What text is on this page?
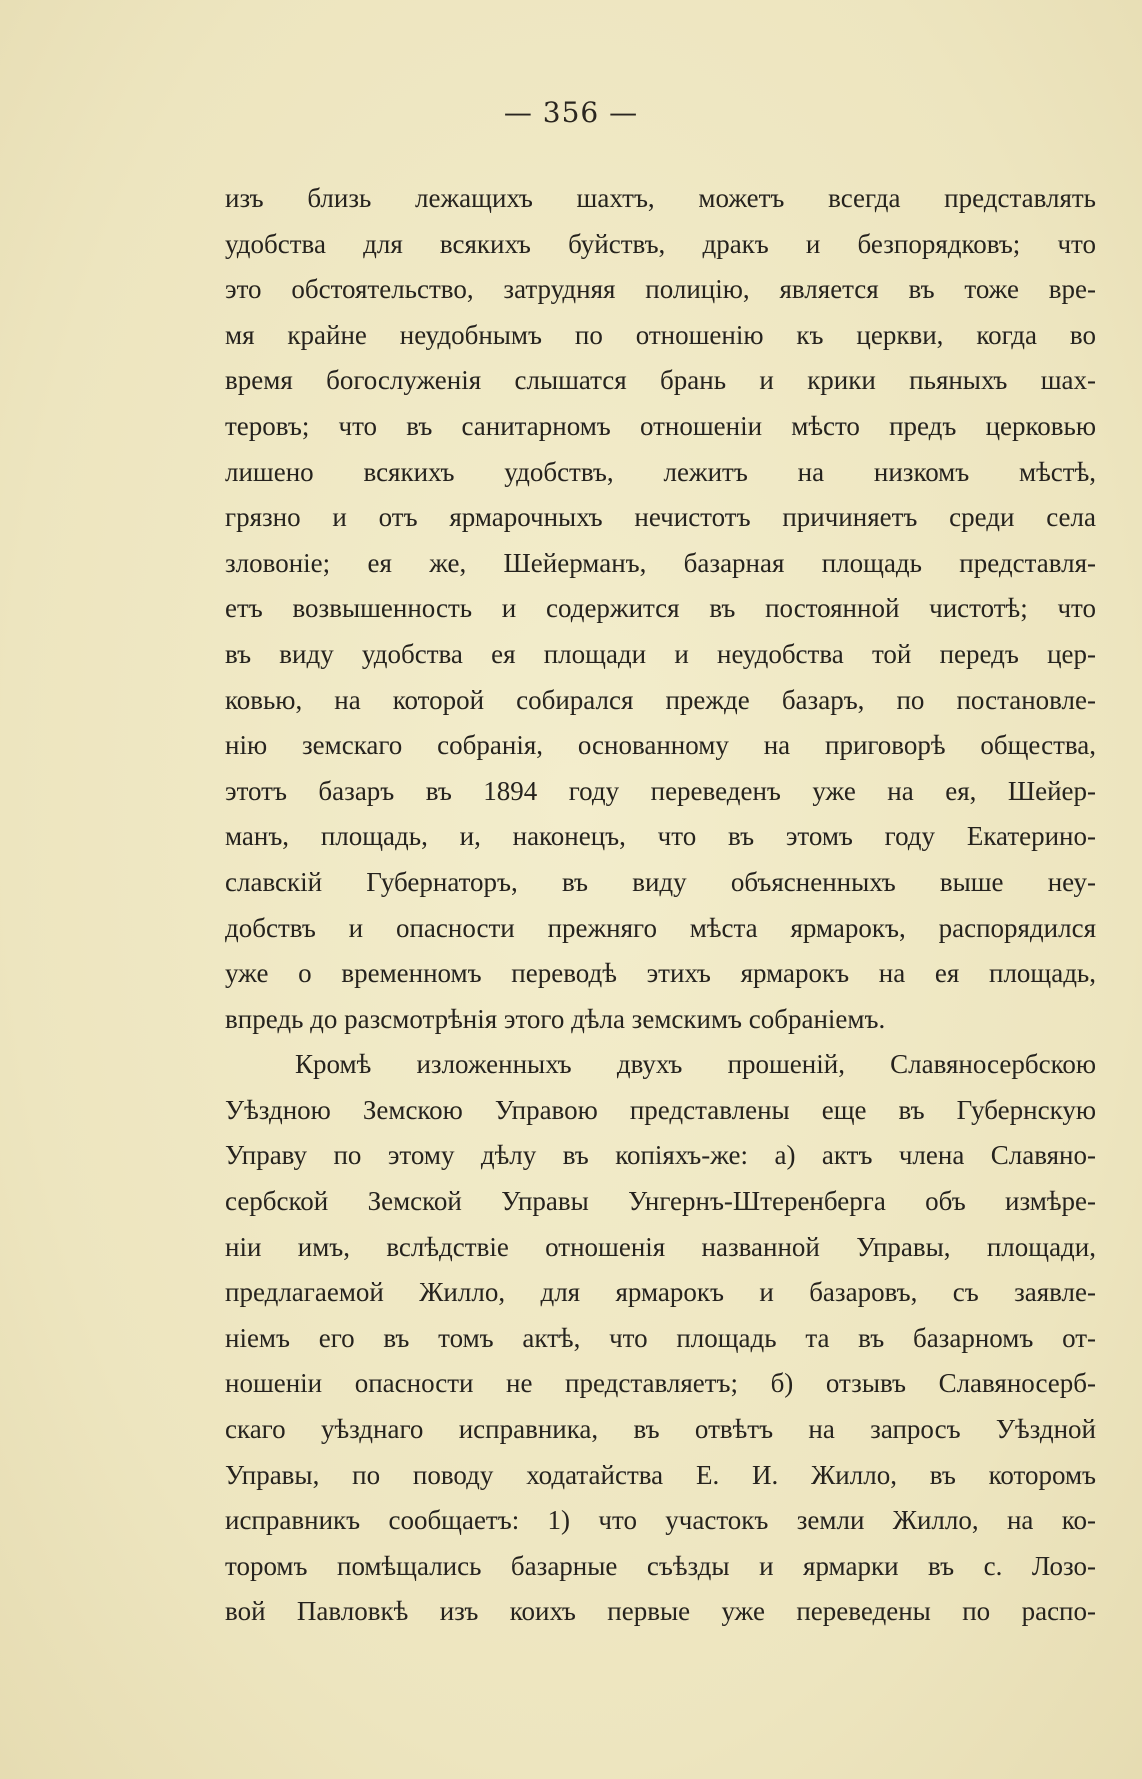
— 356 —
изъ близь лежащихъ шахтъ, можетъ всегда представлять
удобства для всякихъ буйствъ, дракъ и безпорядковъ; что
это обстоятельство, затрудняя полицію, является въ тоже вре-
мя крайне неудобнымъ по отношенію къ церкви, когда во
время богослуженія слышатся брань и крики пьяныхъ шах-
теровъ; что въ санитарномъ отношеніи мѣсто предъ церковью
лишено всякихъ удобствъ, лежитъ на низкомъ мѣстѣ,
грязно и отъ ярмарочныхъ нечистотъ причиняетъ среди села
зловоніе; ея же, Шейерманъ, базарная площадь представля-
етъ возвышенность и содержится въ постоянной чистотѣ; что
въ виду удобства ея площади и неудобства той передъ цер-
ковью, на которой собирался прежде базаръ, по постановле-
нію земскаго собранія, основанному на приговорѣ общества,
этотъ базаръ въ 1894 году переведенъ уже на ея, Шейер-
манъ, площадь, и, наконецъ, что въ этомъ году Екатерино-
славскій Губернаторъ, въ виду объясненныхъ выше неу-
добствъ и опасности прежняго мѣста ярмарокъ, распорядился
уже о временномъ переводѣ этихъ ярмарокъ на ея площадь,
впредь до разсмотрѣнія этого дѣла земскимъ собраніемъ.
Кромѣ изложенныхъ двухъ прошеній, Славяносербскою
Уѣздною Земскою Управою представлены еще въ Губернскую
Управу по этому дѣлу въ копіяхъ-же: а) актъ члена Славяно-
сербской Земской Управы Унгернъ-Штеренберга объ измѣре-
ніи имъ, вслѣдствіе отношенія названной Управы, площади,
предлагаемой Жилло, для ярмарокъ и базаровъ, съ заявле-
ніемъ его въ томъ актѣ, что площадь та въ базарномъ от-
ношеніи опасности не представляетъ; б) отзывъ Славяносерб-
скаго уѣзднаго исправника, въ отвѣтъ на запросъ Уѣздной
Управы, по поводу ходатайства Е. И. Жилло, въ которомъ
исправникъ сообщаетъ: 1) что участокъ земли Жилло, на ко-
торомъ помѣщались базарные съѣзды и ярмарки въ с. Лозо-
вой Павловкѣ изъ коихъ первые уже переведены по распо-
